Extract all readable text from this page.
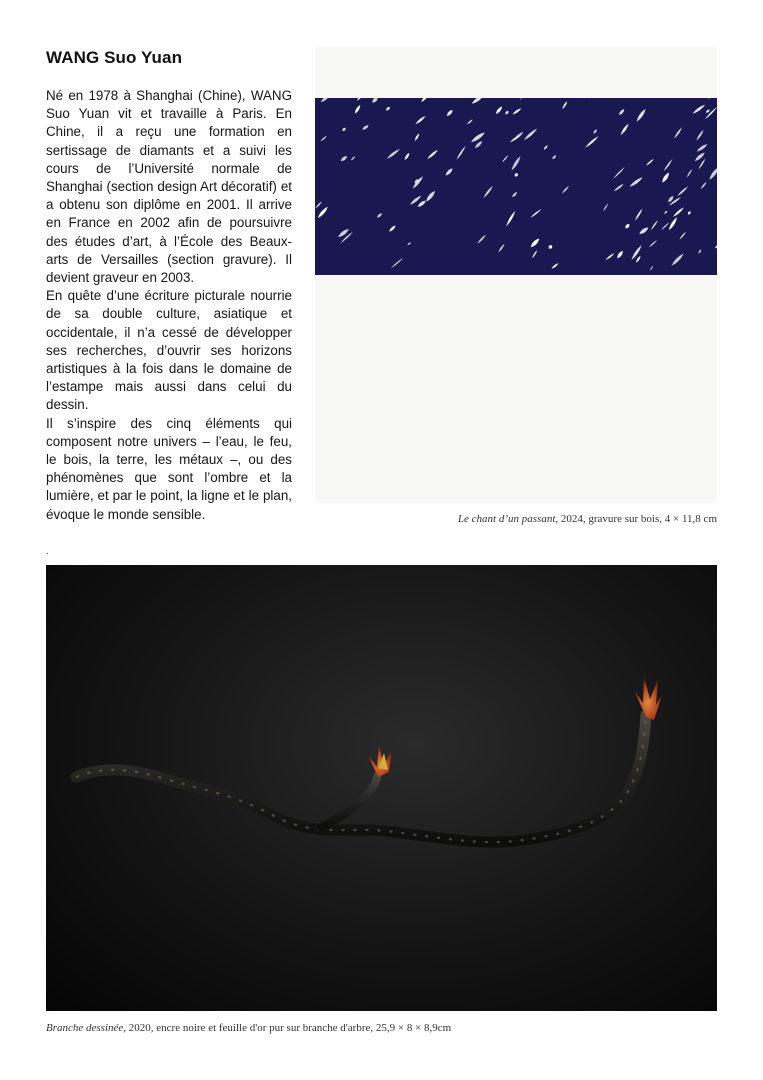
WANG Suo Yuan

Né en 1978 à Shanghai (Chine), WANG Suo Yuan vit et travaille à Paris. En Chine, il a reçu une formation en sertissage de diamants et a suivi les cours de l’Université normale de Shanghai (section design Art décoratif) et a obtenu son diplôme en 2001. Il arrive en France en 2002 afin de poursuivre des études d’art, à l’École des Beaux-arts de Versailles (section gravure). Il devient graveur en 2003.

En quête d’une écriture picturale nourrie de sa double culture, asiatique et occidentale, il n’a cessé de développer ses recherches, d’ouvrir ses horizons artistiques à la fois dans le domaine de l’estampe mais aussi dans celui du dessin.

Il s’inspire des cinq éléments qui composent notre univers – l’eau, le feu, le bois, la terre, les métaux –, ou des phénomènes que sont l’ombre et la lumière, et par le point, la ligne et le plan, évoque le monde sensible.	Le chant d’un passant, 2024, gravure sur bois, 4 × 11,8 cm
.
Branche dessinée, 2020, encre noire et feuille d'or pur sur branche d'arbre, 25,9 × 8 × 8,9cm
